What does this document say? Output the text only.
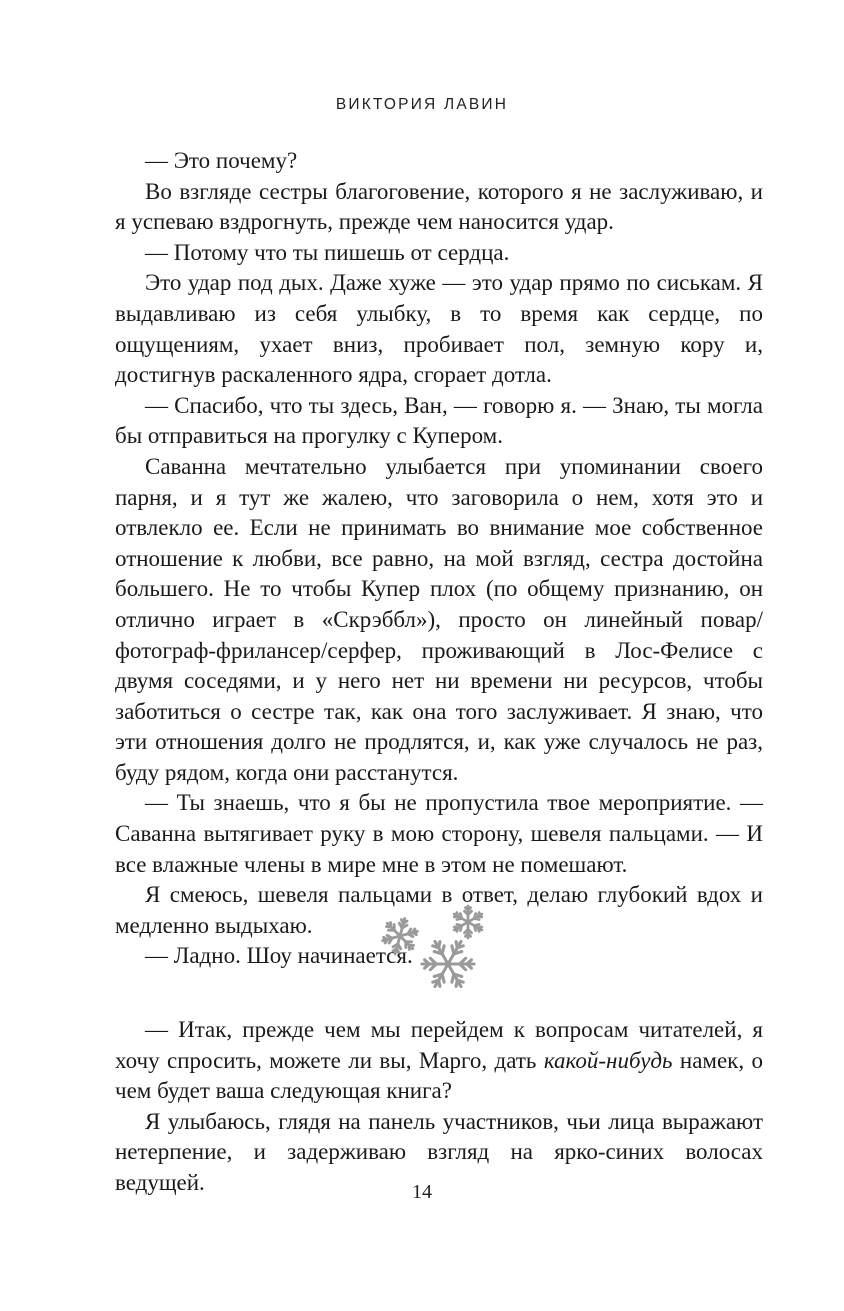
ВИКТОРИЯ ЛАВИН

— Это почему?

Во взгляде сестры благоговение, которого я не заслуживаю, и я успеваю вздрогнуть, прежде чем наносится удар.

— Потому что ты пишешь от сердца.

Это удар под дых. Даже хуже — это удар прямо по сиськам. Я выдавливаю из себя улыбку, в то время как сердце, по ощущениям, ухает вниз, пробивает пол, земную кору и, достигнув раскаленного ядра, сгорает дотла.

— Спасибо, что ты здесь, Ван, — говорю я. — Знаю, ты могла бы отправиться на прогулку с Купером.

Саванна мечтательно улыбается при упоминании своего парня, и я тут же жалею, что заговорила о нем, хотя это и отвлекло ее. Если не принимать во внимание мое собственное отношение к любви, все равно, на мой взгляд, сестра достойна большего. Не то чтобы Купер плох (по общему признанию, он отлично играет в «Скрэббл»), просто он линейный повар/фотограф-фрилансер/серфер, проживающий в Лос-Фелисе с двумя соседями, и у него нет ни времени ни ресурсов, чтобы заботиться о сестре так, как она того заслуживает. Я знаю, что эти отношения долго не продлятся, и, как уже случалось не раз, буду рядом, когда они расстанутся.

— Ты знаешь, что я бы не пропустила твое мероприятие. — Саванна вытягивает руку в мою сторону, шевеля пальцами. — И все влажные члены в мире мне в этом не помешают.

Я смеюсь, шевеля пальцами в ответ, делаю глубокий вдох и медленно выдыхаю.

— Ладно. Шоу начинается.

— Итак, прежде чем мы перейдем к вопросам читателей, я хочу спросить, можете ли вы, Марго, дать какой-нибудь намек, о чем будет ваша следующая книга?

Я улыбаюсь, глядя на панель участников, чьи лица выражают нетерпение, и задерживаю взгляд на ярко-синих волосах ведущей.	14
